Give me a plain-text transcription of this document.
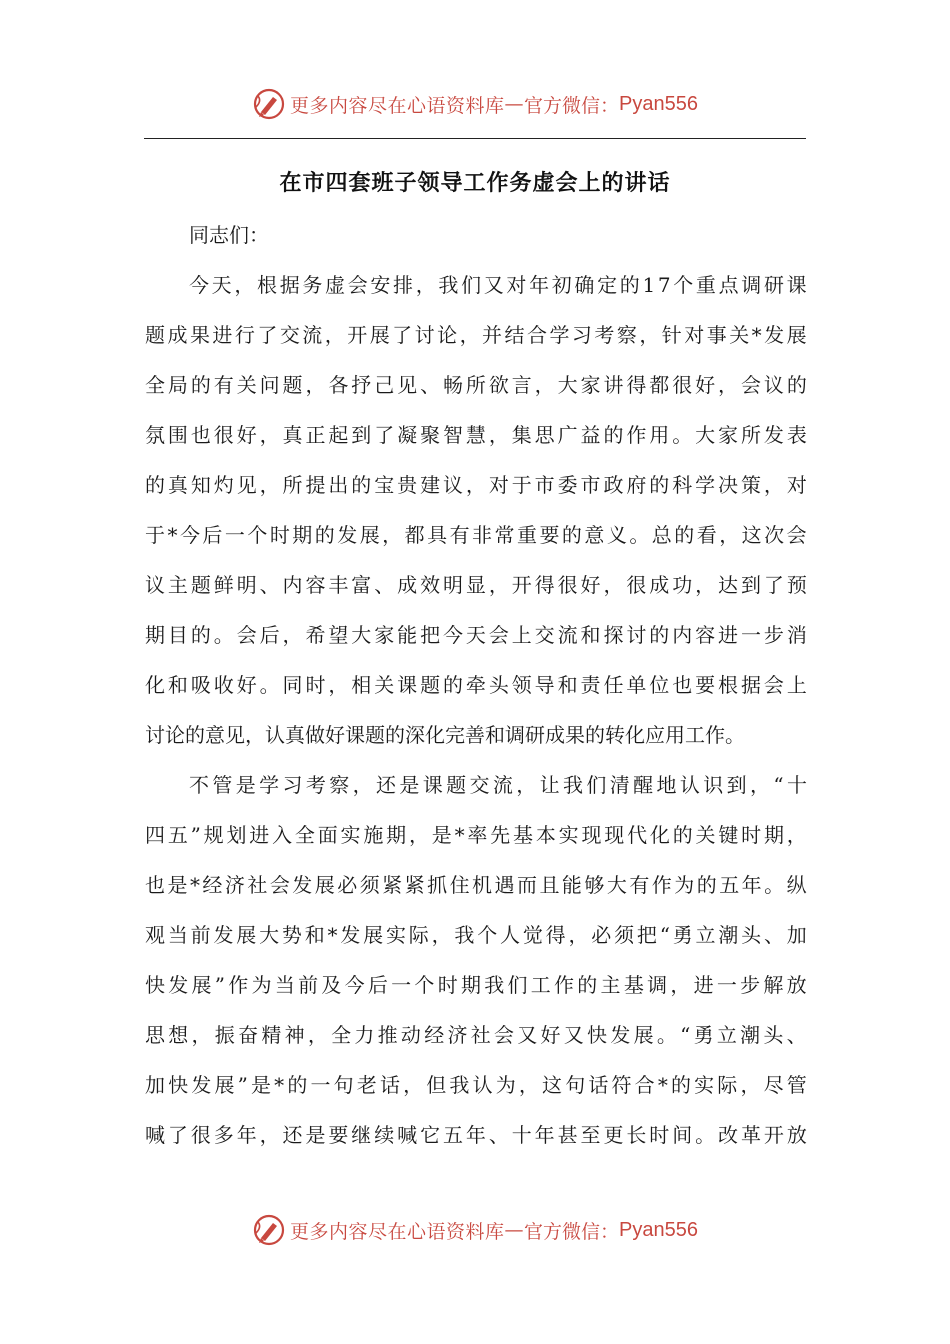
更多内容尽在心语资料库 — 官方微信： Pyan556
在市四套班子领导工作务虚会上的讲话
同志们：
今 天 ， 根 据 务 虚 会 安 排 ， 我 们 又 对 年 初 确 定 的 1 7 个 重 点 调 研 课
题 成 果 进 行 了 交 流 ， 开 展 了 讨 论 ， 并 结 合 学 习 考 察 ， 针 对 事 关 * 发 展
全 局 的 有 关 问 题 ， 各 抒 己 见 、 畅 所 欲 言 ， 大 家 讲 得 都 很 好 ， 会 议 的
氛 围 也 很 好 ， 真 正 起 到 了 凝 聚 智 慧 ， 集 思 广 益 的 作 用 。 大 家 所 发 表
的 真 知 灼 见 ， 所 提 出 的 宝 贵 建 议 ， 对 于 市 委 市 政 府 的 科 学 决 策 ， 对
于 * 今 后 一 个 时 期 的 发 展 ， 都 具 有 非 常 重 要 的 意 义 。 总 的 看 ， 这 次 会
议 主 题 鲜 明 、 内 容 丰 富 、 成 效 明 显 ， 开 得 很 好 ， 很 成 功 ， 达 到 了 预
期 目 的 。 会 后 ， 希 望 大 家 能 把 今 天 会 上 交 流 和 探 讨 的 内 容 进 一 步 消
化 和 吸 收 好 。 同 时 ， 相 关 课 题 的 牵 头 领 导 和 责 任 单 位 也 要 根 据 会 上
讨论的意见，认真做好课题的深化完善和调研成果的转化应用工作。
不 管 是 学 习 考 察 ， 还 是 课 题 交 流 ， 让 我 们 清 醒 地 认 识 到 ， “ 十
四 五 ” 规 划 进 入 全 面 实 施 期 ， 是 * 率 先 基 本 实 现 现 代 化 的 关 键 时 期 ，
也 是 * 经 济 社 会 发 展 必 须 紧 紧 抓 住 机 遇 而 且 能 够 大 有 作 为 的 五 年 。 纵
观 当 前 发 展 大 势 和 * 发 展 实 际 ， 我 个 人 觉 得 ， 必 须 把 “ 勇 立 潮 头 、 加
快 发 展 ” 作 为 当 前 及 今 后 一 个 时 期 我 们 工 作 的 主 基 调 ， 进 一 步 解 放
思 想 ， 振 奋 精 神 ， 全 力 推 动 经 济 社 会 又 好 又 快 发 展 。 “ 勇 立 潮 头 、
加 快 发 展 ” 是 * 的 一 句 老 话 ， 但 我 认 为 ， 这 句 话 符 合 * 的 实 际 ， 尽 管
喊 了 很 多 年 ， 还 是 要 继 续 喊 它 五 年 、 十 年 甚 至 更 长 时 间 。 改 革 开 放
更多内容尽在心语资料库 — 官方微信： Pyan556
